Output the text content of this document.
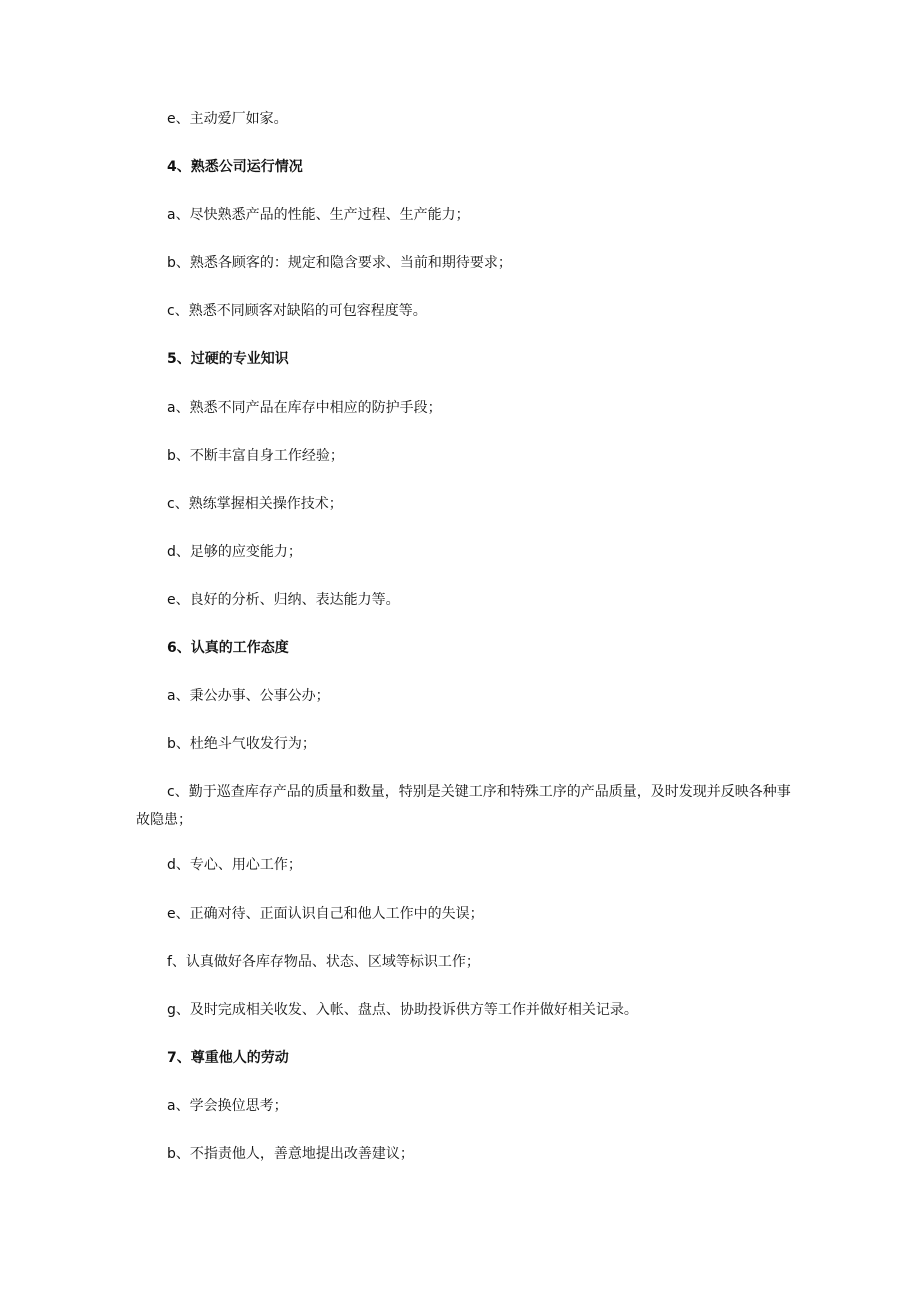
e、主动爱厂如家。
4、熟悉公司运行情况
a、尽快熟悉产品的性能、生产过程、生产能力；
b、熟悉各顾客的：规定和隐含要求、当前和期待要求；
c、熟悉不同顾客对缺陷的可包容程度等。
5、过硬的专业知识
a、熟悉不同产品在库存中相应的防护手段；
b、不断丰富自身工作经验；
c、熟练掌握相关操作技术；
d、足够的应变能力；
e、良好的分析、归纳、表达能力等。
6、认真的工作态度
a、秉公办事、公事公办；
b、杜绝斗气收发行为；
c、勤于巡查库存产品的质量和数量，特别是关键工序和特殊工序的产品质量，及时发现并反映各种事故隐患；
d、专心、用心工作；
e、正确对待、正面认识自己和他人工作中的失误；
f、认真做好各库存物品、状态、区域等标识工作；
g、及时完成相关收发、入帐、盘点、协助投诉供方等工作并做好相关记录。
7、尊重他人的劳动
a、学会换位思考；
b、不指责他人，善意地提出改善建议；
